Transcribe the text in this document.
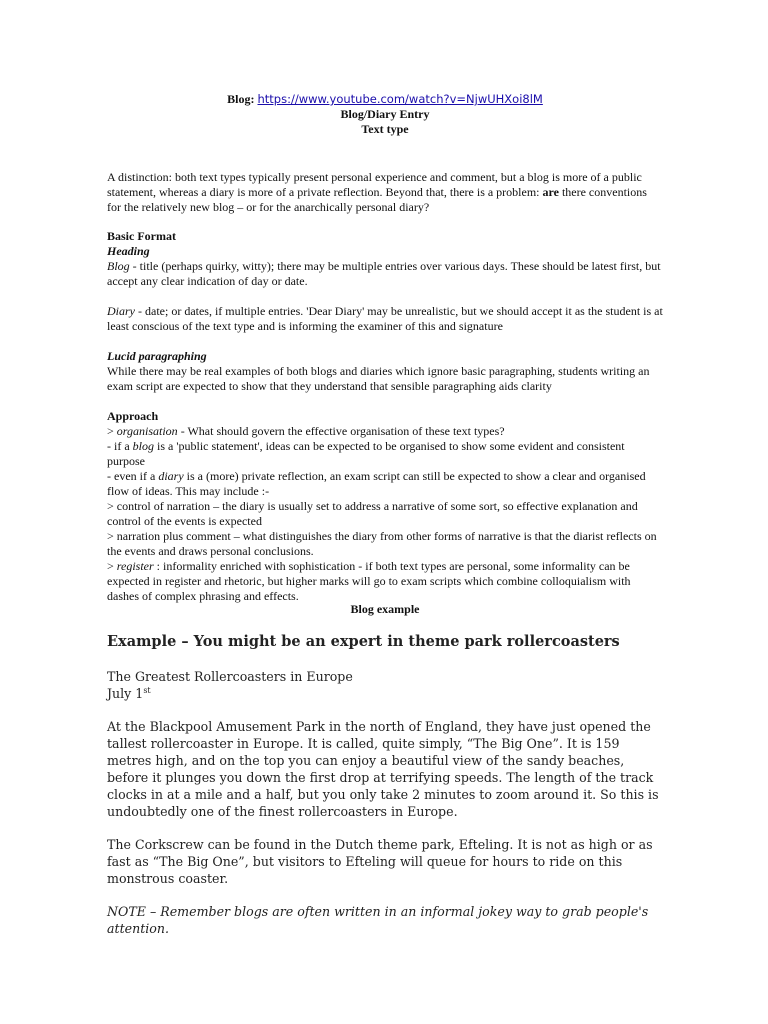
Blog: https://www.youtube.com/watch?v=NjwUHXoi8lM
Blog/Diary Entry
Text type
A distinction: both text types typically present personal experience and comment, but a blog is more of a public statement, whereas a diary is more of a private reflection. Beyond that, there is a problem: are there conventions for the relatively new blog – or for the anarchically personal diary?
Basic Format
Heading
Blog - title (perhaps quirky, witty); there may be multiple entries over various days. These should be latest first, but accept any clear indication of day or date.
Diary - date; or dates, if multiple entries. 'Dear Diary' may be unrealistic, but we should accept it as the student is at least conscious of the text type and is informing the examiner of this and signature
Lucid paragraphing
While there may be real examples of both blogs and diaries which ignore basic paragraphing, students writing an exam script are expected to show that they understand that sensible paragraphing aids clarity
Approach
> organisation - What should govern the effective organisation of these text types?
- if a blog is a 'public statement', ideas can be expected to be organised to show some evident and consistent purpose
- even if a diary is a (more) private reflection, an exam script can still be expected to show a clear and organised flow of ideas. This may include :-
> control of narration – the diary is usually set to address a narrative of some sort, so effective explanation and control of the events is expected
> narration plus comment – what distinguishes the diary from other forms of narrative is that the diarist reflects on the events and draws personal conclusions.
> register : informality enriched with sophistication - if both text types are personal, some informality can be expected in register and rhetoric, but higher marks will go to exam scripts which combine colloquialism with dashes of complex phrasing and effects.
Blog example
Example – You might be an expert in theme park rollercoasters

The Greatest Rollercoasters in Europe
July 1st

At the Blackpool Amusement Park in the north of England, they have just opened the tallest rollercoaster in Europe. It is called, quite simply, “The Big One”. It is 159 metres high, and on the top you can enjoy a beautiful view of the sandy beaches, before it plunges you down the first drop at terrifying speeds. The length of the track clocks in at a mile and a half, but you only take 2 minutes to zoom around it. So this is undoubtedly one of the finest rollercoasters in Europe.

The Corkscrew can be found in the Dutch theme park, Efteling. It is not as high or as fast as “The Big One”, but visitors to Efteling will queue for hours to ride on this monstrous coaster.

NOTE – Remember blogs are often written in an informal jokey way to grab people's attention.
